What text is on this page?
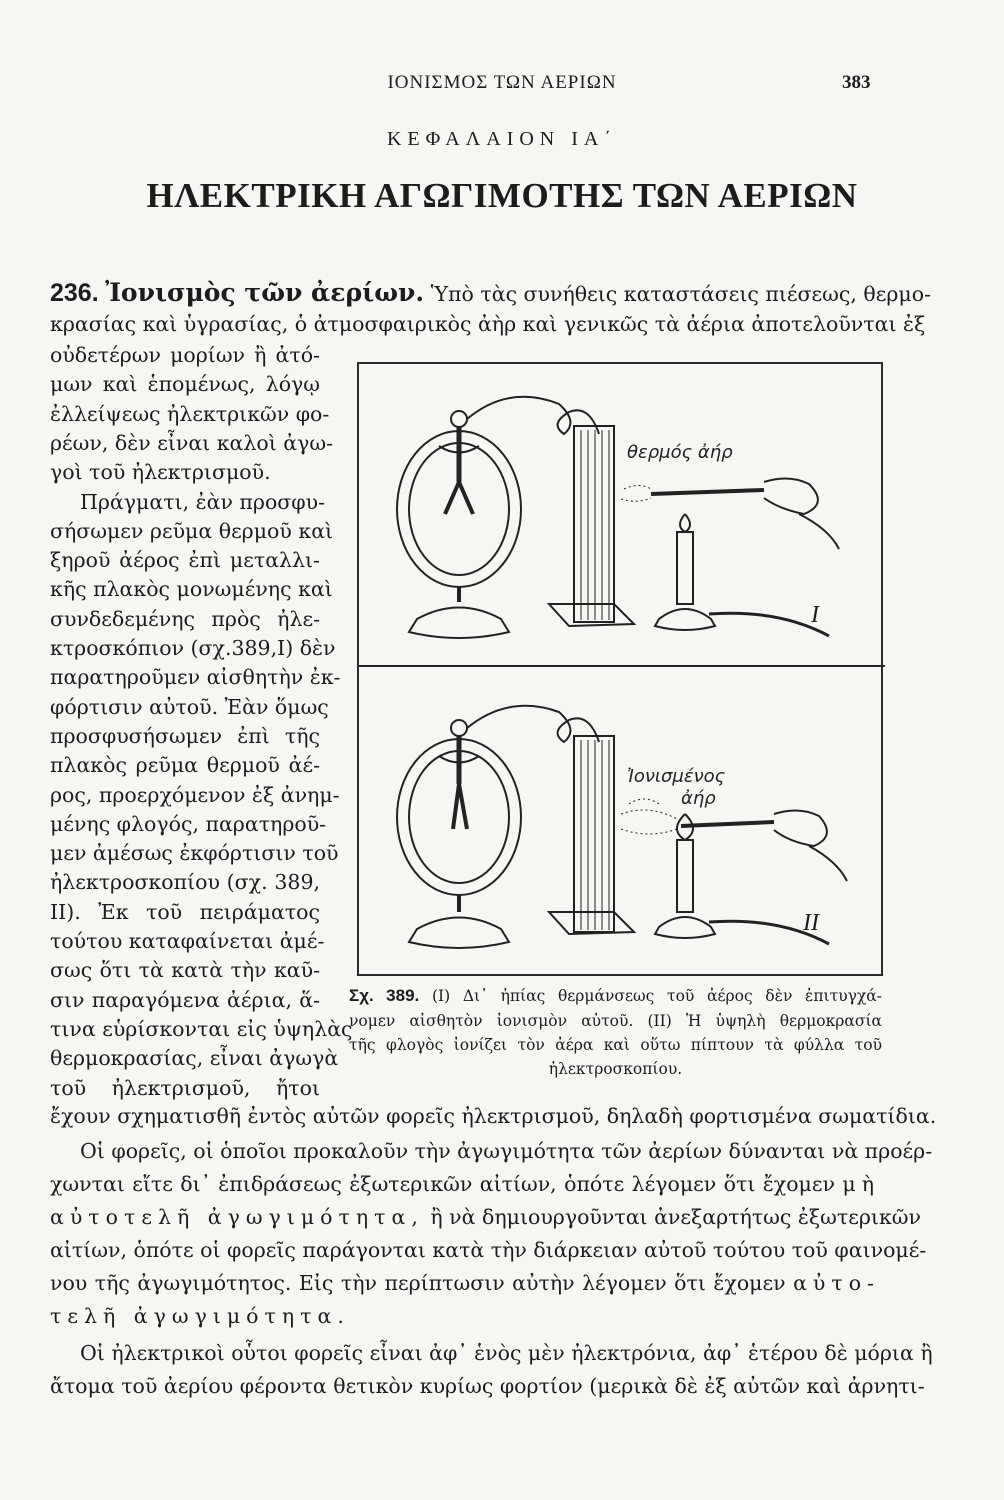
ΙΟΝΙΣΜΟΣ ΤΩΝ ΑΕΡΙΩΝ	383
ΚΕΦΑΛΑΙΟΝ ΙΑ΄
ΗΛΕΚΤΡΙΚΗ ΑΓΩΓΙΜΟΤΗΣ ΤΩΝ ΑΕΡΙΩΝ
236. Ἰονισμὸς τῶν ἀερίων. Ὑπὸ τὰς συνήθεις καταστάσεις πιέσεως, θερμο-
κρασίας καὶ ὑγρασίας, ὁ ἀτμοσφαιρικὸς ἀὴρ καὶ γενικῶς τὰ ἀέρια ἀποτελοῦνται ἐξ
οὐδετέρων μορίων ἢ ἀτό-
μων καὶ ἑπομένως, λόγῳ
ἐλλείψεως ἠλεκτρικῶν φο-
ρέων, δὲν εἶναι καλοὶ ἀγω-
γοὶ τοῦ ἠλεκτρισμοῦ.
Πράγματι, ἐὰν προσφυ-
σήσωμεν ρεῦμα θερμοῦ καὶ
ξηροῦ ἀέρος ἐπὶ μεταλλι-
κῆς πλακὸς μονωμένης καὶ
συνδεδεμένης πρὸς ἠλε-
κτροσκόπιον (σχ.389,Ι) δὲν
παρατηροῦμεν αἰσθητὴν ἐκ-
φόρτισιν αὐτοῦ. Ἐὰν ὅμως
προσφυσήσωμεν ἐπὶ τῆς
πλακὸς ρεῦμα θερμοῦ ἀέ-
ρος, προερχόμενον ἐξ ἀνημ-
μένης φλογός, παρατηροῦ-
μεν ἀμέσως ἐκφόρτισιν τοῦ
ἠλεκτροσκοπίου (σχ. 389,
ΙΙ). Ἐκ τοῦ πειράματος
τούτου καταφαίνεται ἀμέ-
σως ὅτι τὰ κατὰ τὴν καῦ-
σιν παραγόμενα ἀέρια, ἅ-
τινα εὑρίσκονται εἰς ὑψηλὰς
θερμοκρασίας, εἶναι ἀγωγὰ
τοῦ ἠλεκτρισμοῦ, ἤτοι
θερμός ἀήρ
I
Ἰονισμένος
ἀήρ
II
Σχ. 389. (Ι) Δι᾽ ἠπίας θερμάνσεως τοῦ ἀέρος δὲν ἐπιτυγχά-
νομεν αἰσθητὸν ἰονισμὸν αὐτοῦ. (ΙΙ) Ἡ ὑψηλὴ θερμοκρασία
τῆς φλογὸς ἰονίζει τὸν ἀέρα καὶ οὕτω πίπτουν τὰ φύλλα τοῦ
ἠλεκτροσκοπίου.
ἔχουν σχηματισθῆ ἐντὸς αὐτῶν φορεῖς ἠλεκτρισμοῦ, δηλαδὴ φορτισμένα σωματίδια.
Οἱ φορεῖς, οἱ ὁποῖοι προκαλοῦν τὴν ἀγωγιμότητα τῶν ἀερίων δύνανται νὰ προέρ-
χωνται εἴτε δι᾽ ἐπιδράσεως ἐξωτερικῶν αἰτίων, ὁπότε λέγομεν ὅτι ἔχομεν μὴ
αὐτοτελῆ ἀγωγιμότητα, ἢ νὰ δημιουργοῦνται ἀνεξαρτήτως ἐξωτερικῶν
αἰτίων, ὁπότε οἱ φορεῖς παράγονται κατὰ τὴν διάρκειαν αὐτοῦ τούτου τοῦ φαινομέ-
νου τῆς ἀγωγιμότητος. Εἰς τὴν περίπτωσιν αὐτὴν λέγομεν ὅτι ἔχομεν αὐτο-
τελῆ ἀγωγιμότητα.
Οἱ ἠλεκτρικοὶ οὗτοι φορεῖς εἶναι ἀφ᾽ ἑνὸς μὲν ἠλεκτρόνια, ἀφ᾽ ἑτέρου δὲ μόρια ἢ
ἄτομα τοῦ ἀερίου φέροντα θετικὸν κυρίως φορτίον (μερικὰ δὲ ἐξ αὐτῶν καὶ ἀρνητι-
